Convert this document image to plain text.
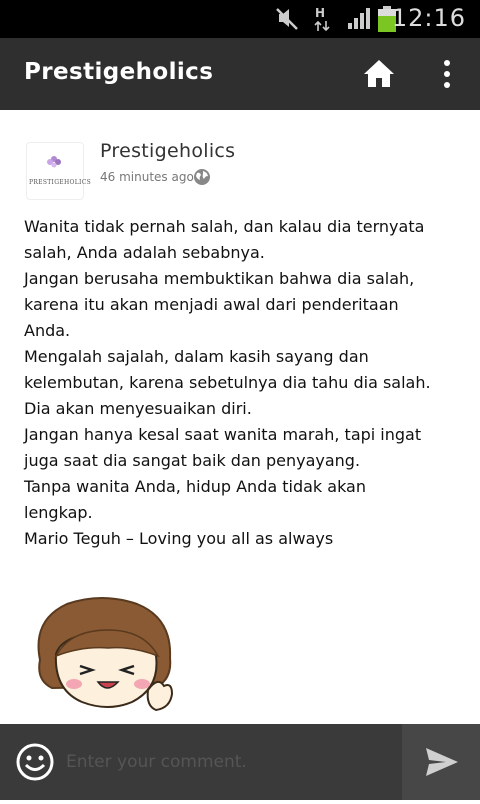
H	12:16
Prestigeholics
PRESTIGEHOLICS
Prestigeholics
46 minutes ago
Wanita tidak pernah salah, dan kalau dia ternyata
salah, Anda adalah sebabnya.
Jangan berusaha membuktikan bahwa dia salah,
karena itu akan menjadi awal dari penderitaan
Anda.
Mengalah sajalah, dalam kasih sayang dan
kelembutan, karena sebetulnya dia tahu dia salah.
Dia akan menyesuaikan diri.
Jangan hanya kesal saat wanita marah, tapi ingat
juga saat dia sangat baik dan penyayang.
Tanpa wanita Anda, hidup Anda tidak akan
lengkap.
Mario Teguh – Loving you all as always
Enter your comment.
